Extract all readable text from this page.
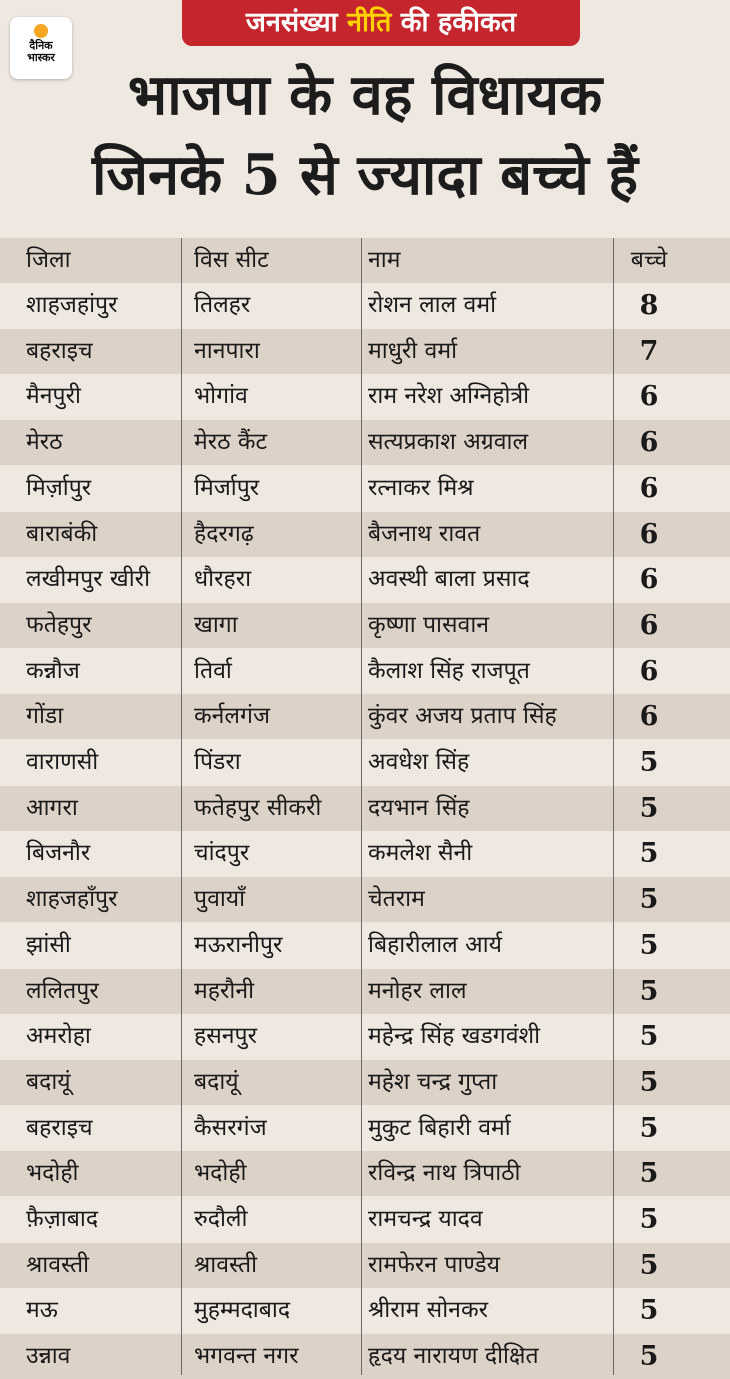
दैनिक
भास्कर
जनसंख्या नीति की हकीकत
भाजपा के वह विधायक
जिनके 5 से ज्यादा बच्चे हैं
जिला	विस सीट	नाम	बच्चे
शाहजहांपुर	तिलहर	रोशन लाल वर्मा	8
बहराइच	नानपारा	माधुरी वर्मा	7
मैनपुरी	भोगांव	राम नरेश अग्निहोत्री	6
मेरठ	मेरठ कैंट	सत्यप्रकाश अग्रवाल	6
मिर्ज़ापुर	मिर्जापुर	रत्नाकर मिश्र	6
बाराबंकी	हैदरगढ़	बैजनाथ रावत	6
लखीमपुर खीरी	धौरहरा	अवस्थी बाला प्रसाद	6
फतेहपुर	खागा	कृष्णा पासवान	6
कन्नौज	तिर्वा	कैलाश सिंह राजपूत	6
गोंडा	कर्नलगंज	कुंवर अजय प्रताप सिंह	6
वाराणसी	पिंडरा	अवधेश सिंह	5
आगरा	फतेहपुर सीकरी	दयभान सिंह	5
बिजनौर	चांदपुर	कमलेश सैनी	5
शाहजहाँपुर	पुवायाँ	चेतराम	5
झांसी	मऊरानीपुर	बिहारीलाल आर्य	5
ललितपुर	महरौनी	मनोहर लाल	5
अमरोहा	हसनपुर	महेन्द्र सिंह खडगवंशी	5
बदायूं	बदायूं	महेश चन्द्र गुप्ता	5
बहराइच	कैसरगंज	मुकुट बिहारी वर्मा	5
भदोही	भदोही	रविन्द्र नाथ त्रिपाठी	5
फ़ैज़ाबाद	रुदौली	रामचन्द्र यादव	5
श्रावस्ती	श्रावस्ती	रामफेरन पाण्डेय	5
मऊ	मुहम्मदाबाद	श्रीराम सोनकर	5
उन्नाव	भगवन्त नगर	हृदय नारायण दीक्षित	5
